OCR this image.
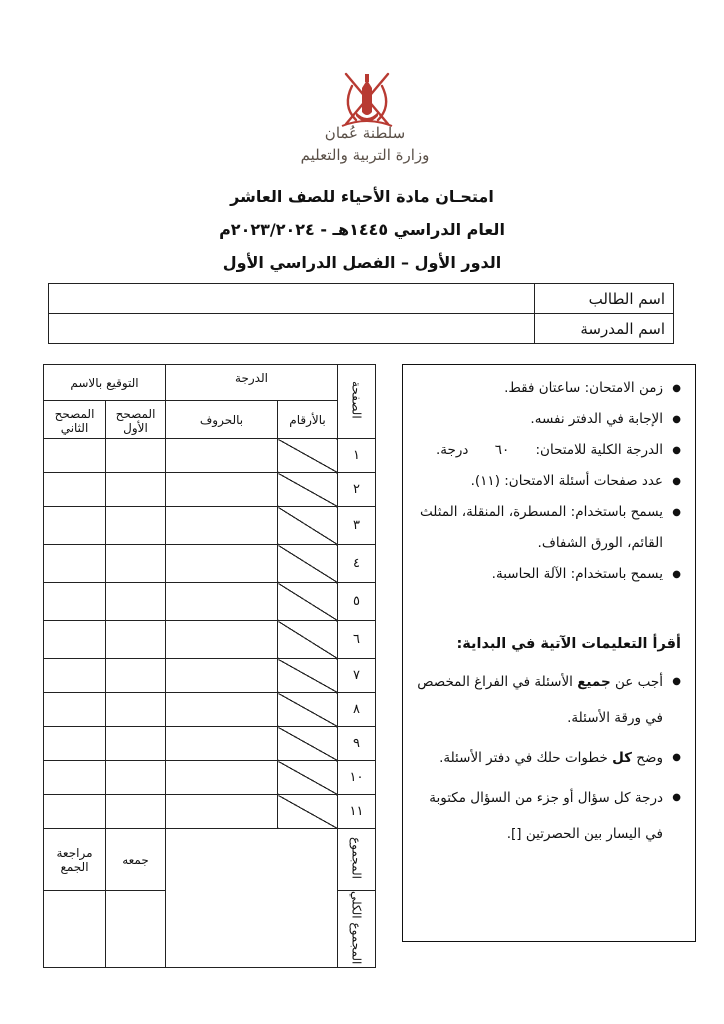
سلطنة عُمان
وزارة التربية والتعليم
امتحـان مادة الأحياء للصف العاشر
العام الدراسي ١٤٤٥هـ - ٢٠٢٣/٢٠٢٤م
الدور الأول – الفصل الدراسي الأول
اسم الطالب	
اسم المدرسة	
الصفحة	الدرجة		التوقيع بالاسم	
	بالأرقام	بالحروف	المصحح الأول	المصحح الثاني
١				
٢				
٣				
٤				
٥				
٦				
٧				
٨				
٩				
١٠				
١١				
المجموع			جمعه	مراجعة الجمع
المجموع الكلي				
● زمن الامتحان: ساعتان فقط.
● الإجابة في الدفتر نفسه.
● الدرجة الكلية للامتحان: ٦٠ درجة.
● عدد صفحات أسئلة الامتحان: (١١).
● يسمح باستخدام: المسطرة، المنقلة، المثلث القائم، الورق الشفاف.
● يسمح باستخدام: الآلة الحاسبة.
أقرأ التعليمات الآتية في البداية:
● أجب عن جميع الأسئلة في الفراغ المخصص في ورقة الأسئلة.
● وضح كل خطوات حلك في دفتر الأسئلة.
● درجة كل سؤال أو جزء من السؤال مكتوبة في اليسار بين الحصرتين [].
